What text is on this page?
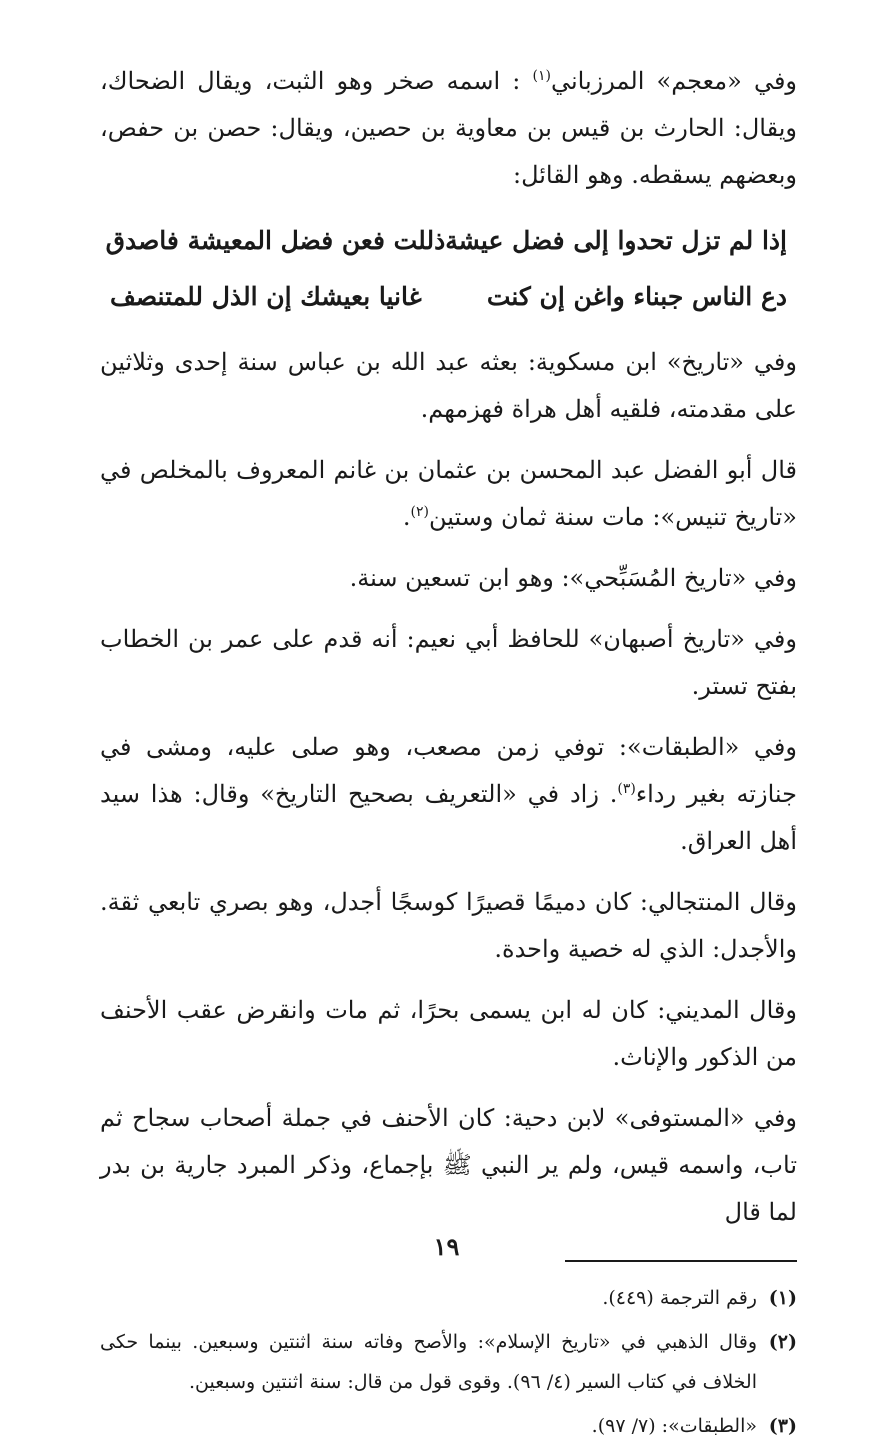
وفي «معجم» المرزباني$^{(١)}$ : اسمه صخر وهو الثبت، ويقال الضحاك، ويقال: الحارث بن قيس بن معاوية بن حصين، ويقال: حصن بن حفص، وبعضهم يسقطه. وهو القائل:

إذا لم تزل تحدوا إلى فضل عيشة
ذللت فعن فضل المعيشة فاصدق
دع الناس جبناء واغن إن كنت
غانيا بعيشك إن الذل للمتنصف

وفي «تاريخ» ابن مسكوية: بعثه عبد الله بن عباس سنة إحدى وثلاثين على مقدمته، فلقيه أهل هراة فهزمهم.

قال أبو الفضل عبد المحسن بن عثمان بن غانم المعروف بالمخلص في «تاريخ تنيس»: مات سنة ثمان وستين$^{(٢)}$.

وفي «تاريخ المُسَبِّحي»: وهو ابن تسعين سنة.

وفي «تاريخ أصبهان» للحافظ أبي نعيم: أنه قدم على عمر بن الخطاب بفتح تستر.

وفي «الطبقات»: توفي زمن مصعب، وهو صلى عليه، ومشى في جنازته بغير رداء$^{(٣)}$. زاد في «التعريف بصحيح التاريخ» وقال: هذا سيد أهل العراق.

وقال المنتجالي: كان دميمًا قصيرًا كوسجًا أجدل، وهو بصري تابعي ثقة. والأجدل: الذي له خصية واحدة.

وقال المديني: كان له ابن يسمى بحرًا، ثم مات وانقرض عقب الأحنف من الذكور والإناث.

وفي «المستوفى» لابن دحية: كان الأحنف في جملة أصحاب سجاح ثم تاب، واسمه قيس، ولم ير النبي ﷺ بإجماع، وذكر المبرد جارية بن بدر لما قال

(١)
رقم الترجمة (٤٤٩).
(٢)
وقال الذهبي في «تاريخ الإسلام»: والأصح وفاته سنة اثنتين وسبعين. بينما حكى الخلاف في كتاب السير (٤/ ٩٦). وقوى قول من قال: سنة اثنتين وسبعين.
(٣)
«الطبقات»: (٧/ ٩٧).
١٩
